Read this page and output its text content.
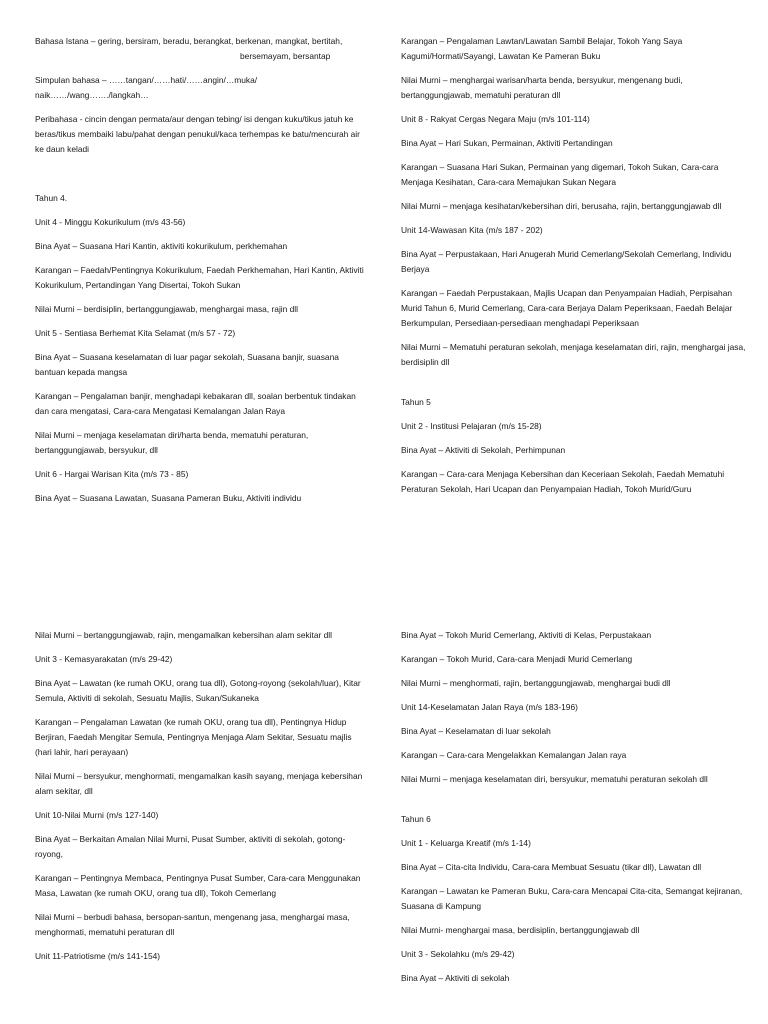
Bahasa Istana – gering, bersiram, beradu, berangkat, berkenan, mangkat, bertitah,

bersemayam, bersantap

Simpulan bahasa – ……tangan/……hati/……angin/…muka/ naik……/wang……./langkah…

Peribahasa - cincin dengan permata/aur dengan tebing/ isi dengan kuku/tikus jatuh ke beras/tikus membaiki labu/pahat dengan penukul/kaca terhempas ke batu/mencurah air ke daun keladi

Tahun 4.

Unit 4 - Minggu Kokurikulum (m/s 43-56)

Bina Ayat – Suasana Hari Kantin, aktiviti kokurikulum, perkhemahan

Karangan – Faedah/Pentingnya Kokurikulum, Faedah Perkhemahan, Hari Kantin, Aktiviti Kokurikulum, Pertandingan Yang Disertai, Tokoh Sukan

Nilai Murni – berdisiplin, bertanggungjawab, menghargai masa, rajin dll

Unit 5 - Sentiasa Berhemat Kita Selamat (m/s 57 - 72)

Bina Ayat – Suasana keselamatan di luar pagar sekolah, Suasana banjir, suasana bantuan kepada mangsa

Karangan – Pengalaman banjir, menghadapi kebakaran dll, soalan berbentuk tindakan dan cara mengatasi, Cara-cara Mengatasi Kemalangan Jalan Raya

Nilai Murni – menjaga keselamatan diri/harta benda, mematuhi peraturan, bertanggungjawab, bersyukur, dll

Unit 6 - Hargai Warisan Kita (m/s 73 - 85)

Bina Ayat – Suasana Lawatan, Suasana Pameran Buku, Aktiviti individu

Karangan – Pengalaman Lawtan/Lawatan Sambil Belajar, Tokoh Yang Saya Kagumi/Hormati/Sayangi, Lawatan Ke Pameran Buku

Nilai Murni – menghargai warisan/harta benda, bersyukur, mengenang budi, bertanggungjawab, mematuhi peraturan dll

Unit 8 - Rakyat Cergas Negara Maju (m/s 101-114)

Bina Ayat – Hari Sukan, Permainan, Aktiviti Pertandingan

Karangan – Suasana Hari Sukan, Permainan yang digemari, Tokoh Sukan, Cara-cara Menjaga Kesihatan, Cara-cara Memajukan Sukan Negara

Nilai Murni – menjaga kesihatan/kebersihan diri, berusaha, rajin, bertanggungjawab dll

Unit 14-Wawasan Kita (m/s 187 - 202)

Bina Ayat – Perpustakaan, Hari Anugerah Murid Cemerlang/Sekolah Cemerlang, Individu Berjaya

Karangan – Faedah Perpustakaan, Majlis Ucapan dan Penyampaian Hadiah, Perpisahan Murid Tahun 6, Murid Cemerlang, Cara-cara Berjaya Dalam Peperiksaan, Faedah Belajar Berkumpulan, Persediaan-persediaan menghadapi Peperiksaan

Nilai Murni – Mematuhi peraturan sekolah, menjaga keselamatan diri, rajin, menghargai jasa, berdisiplin dll

Tahun 5

Unit 2 - Institusi Pelajaran (m/s 15-28)

Bina Ayat – Aktiviti di Sekolah, Perhimpunan

Karangan – Cara-cara Menjaga Kebersihan dan Keceriaan Sekolah, Faedah Mematuhi Peraturan Sekolah, Hari Ucapan dan Penyampaian Hadiah, Tokoh Murid/Guru

Nilai Murni – bertanggungjawab, rajin, mengamalkan kebersihan alam sekitar dll

Unit 3 - Kemasyarakatan (m/s 29-42)

Bina Ayat – Lawatan (ke rumah OKU, orang tua dll), Gotong-royong (sekolah/luar), Kitar Semula, Aktiviti di sekolah, Sesuatu Majlis, Sukan/Sukaneka

Karangan – Pengalaman Lawatan (ke rumah OKU, orang tua dll), Pentingnya Hidup Berjiran, Faedah Mengitar Semula, Pentingnya Menjaga Alam Sekitar, Sesuatu majlis (hari lahir, hari perayaan)

Nilai Murni – bersyukur, menghormati, mengamalkan kasih sayang, menjaga kebersihan alam sekitar, dll

Unit 10-Nilai Murni (m/s 127-140)

Bina Ayat – Berkaitan Amalan Nilai Murni, Pusat Sumber, aktiviti di sekolah, gotong-royong,

Karangan – Pentingnya Membaca, Pentingnya Pusat Sumber, Cara-cara Menggunakan Masa, Lawatan (ke rumah OKU, orang tua dll), Tokoh Cemerlang

Nilai Murni – berbudi bahasa, bersopan-santun, mengenang jasa, menghargai masa, menghormati, mematuhi peraturan dll

Unit 11-Patriotisme (m/s 141-154)

Bina Ayat – Tokoh Murid Cemerlang, Aktiviti di Kelas, Perpustakaan

Karangan – Tokoh Murid, Cara-cara Menjadi Murid Cemerlang

Nilai Murni – menghormati, rajin, bertanggungjawab, menghargai budi dll

Unit 14-Keselamatan Jalan Raya (m/s 183-196)

Bina Ayat – Keselamatan di luar sekolah

Karangan – Cara-cara Mengelakkan Kemalangan Jalan raya

Nilai Murni – menjaga keselamatan diri, bersyukur, mematuhi peraturan sekolah dll

Tahun 6

Unit 1 - Keluarga Kreatif (m/s 1-14)

Bina Ayat – Cita-cita Individu, Cara-cara Membuat Sesuatu (tikar dll), Lawatan dll

Karangan – Lawatan ke Pameran Buku, Cara-cara Mencapai Cita-cita, Semangat kejiranan, Suasana di Kampung

Nilai Murni- menghargai masa, berdisiplin, bertanggungjawab dll

Unit 3 - Sekolahku (m/s 29-42)

Bina Ayat – Aktiviti di sekolah
